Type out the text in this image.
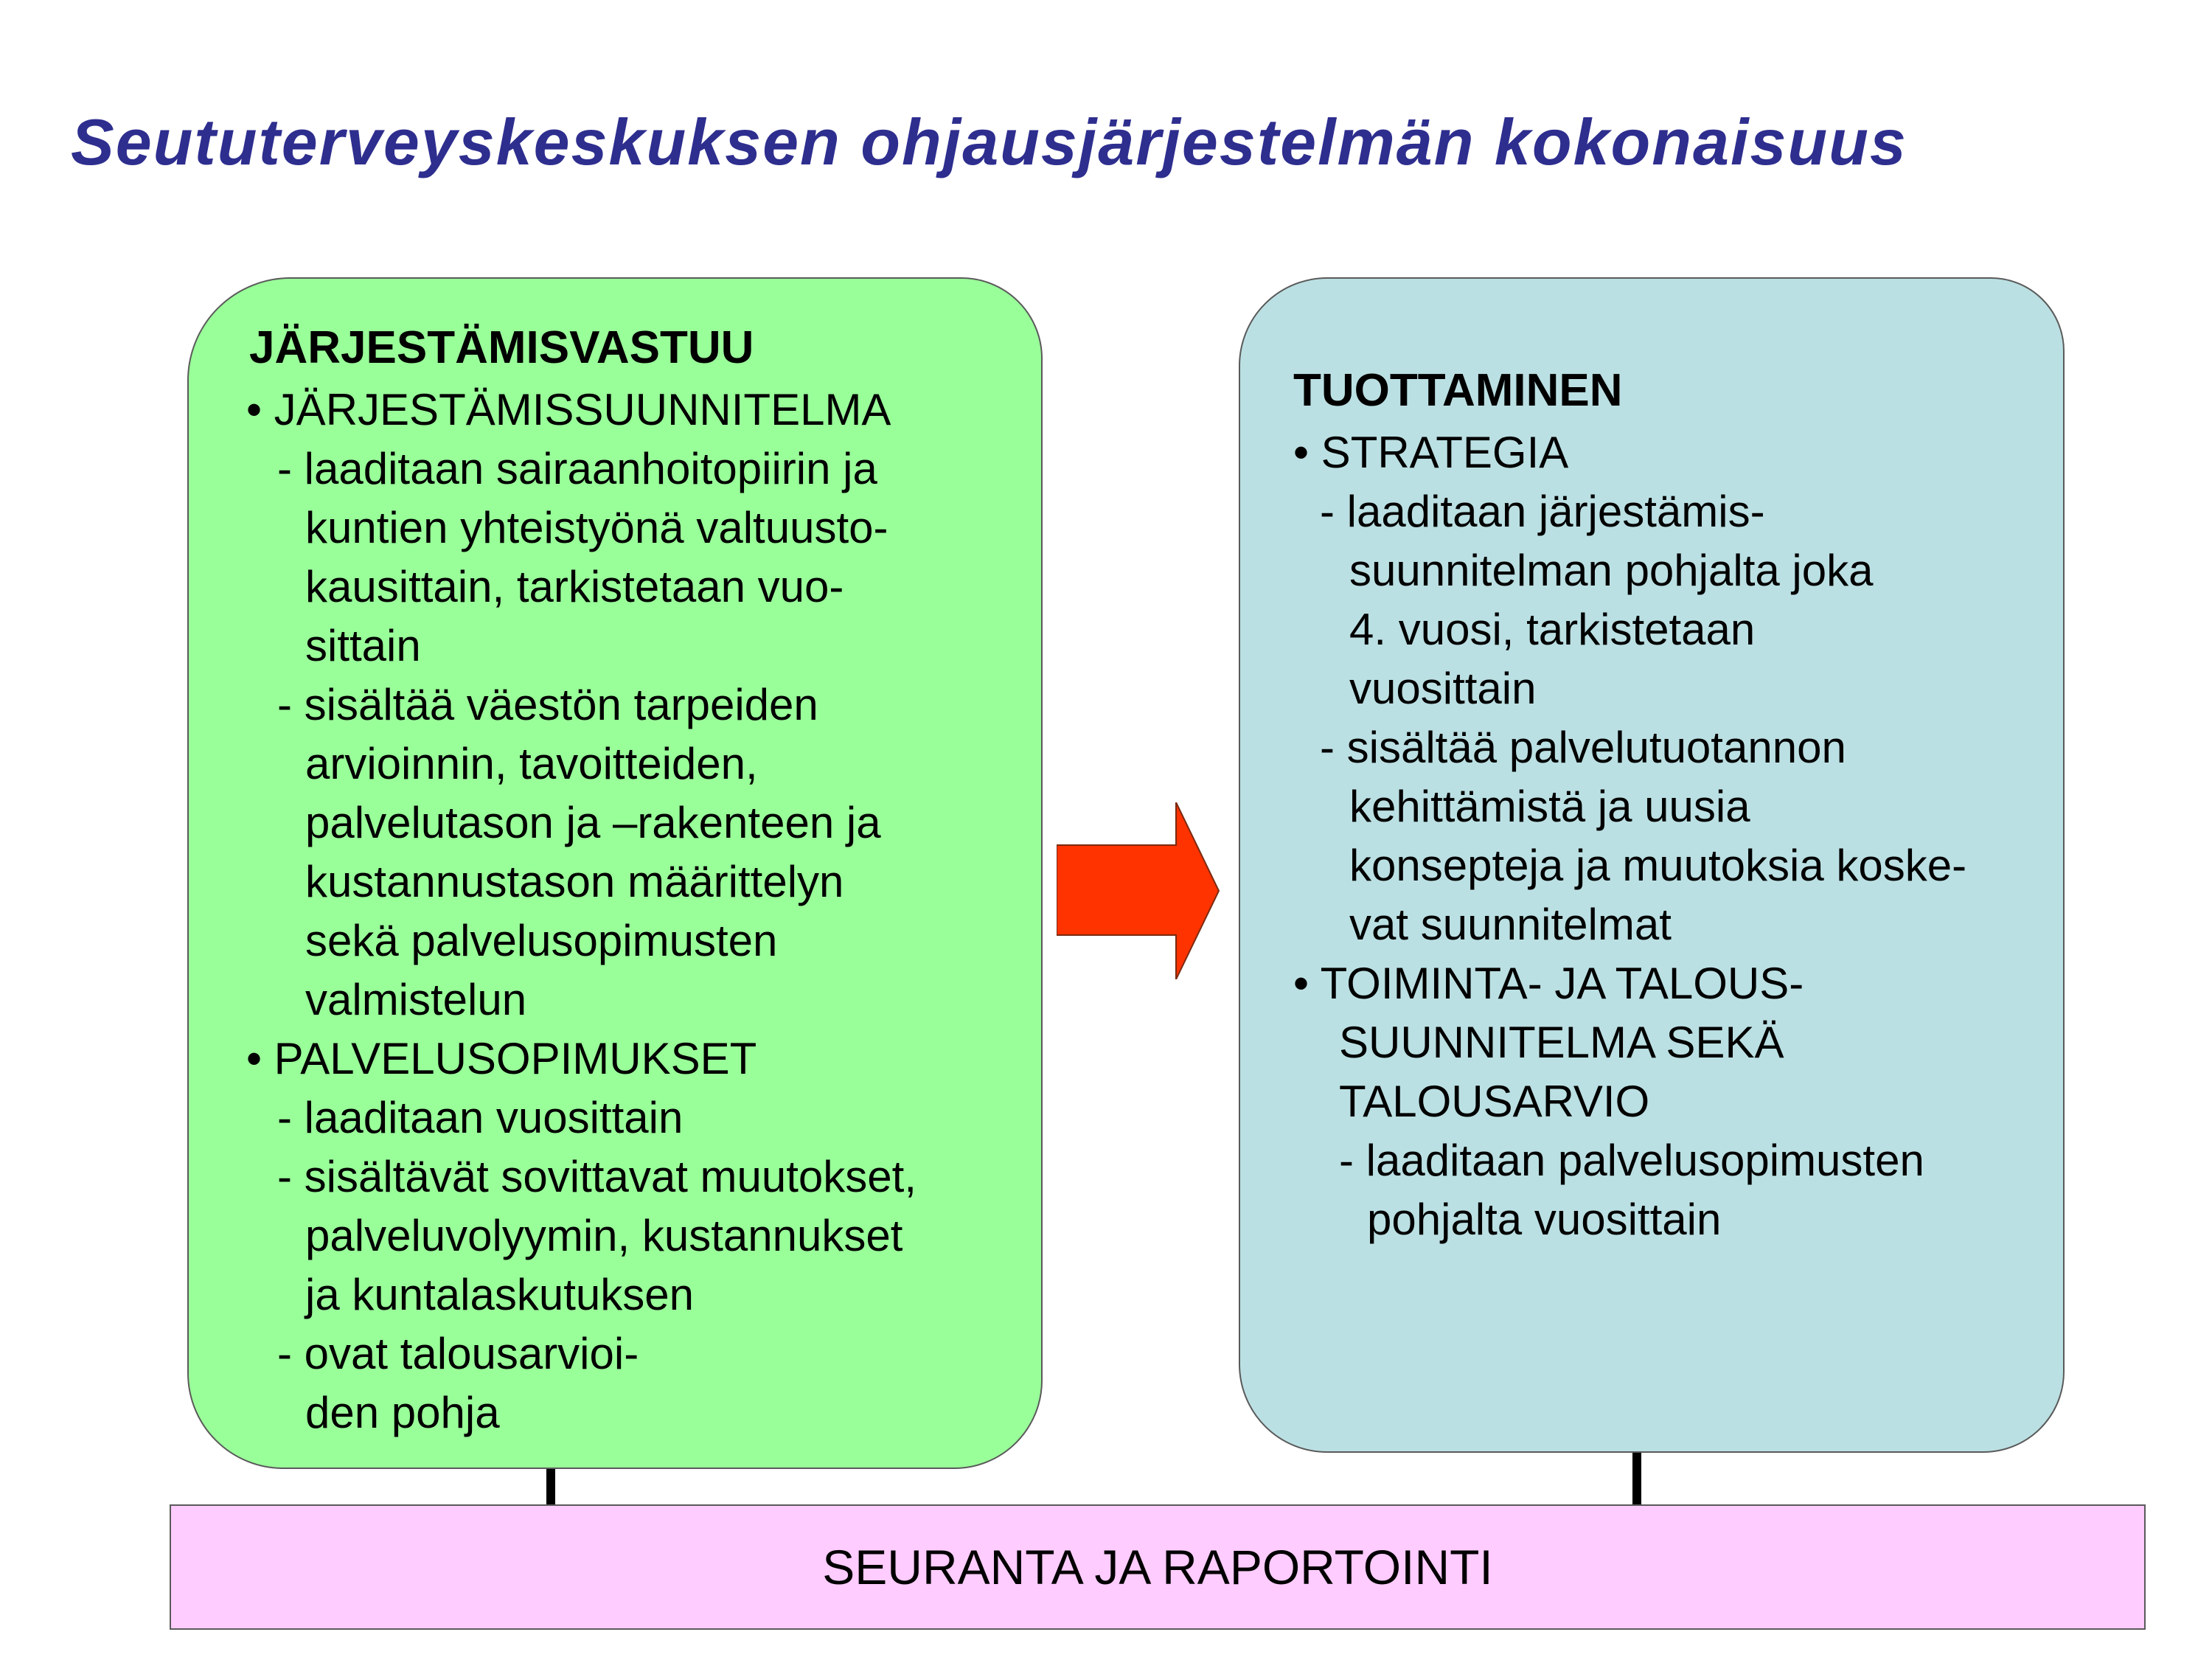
Seututerveyskeskuksen ohjausjärjestelmän kokonaisuus
JÄRJESTÄMISVASTUU
• JÄRJESTÄMISSUUNNITELMA
- laaditaan sairaanhoitopiirin ja
kuntien yhteistyönä valtuusto-
kausittain, tarkistetaan vuo-
sittain
- sisältää väestön tarpeiden
arvioinnin, tavoitteiden,
palvelutason ja –rakenteen ja
kustannustason määrittelyn
sekä palvelusopimusten
valmistelun
• PALVELUSOPIMUKSET
- laaditaan vuosittain
- sisältävät sovittavat muutokset,
palveluvolyymin, kustannukset
ja kuntalaskutuksen
- ovat talousarvioi-
den pohja
TUOTTAMINEN
• STRATEGIA
- laaditaan järjestämis-
suunnitelman pohjalta joka
4. vuosi, tarkistetaan
vuosittain
- sisältää palvelutuotannon
kehittämistä ja uusia
konsepteja ja muutoksia koske-
vat suunnitelmat
• TOIMINTA- JA TALOUS-
SUUNNITELMA SEKÄ
TALOUSARVIO
- laaditaan palvelusopimusten
pohjalta vuosittain
SEURANTA JA RAPORTOINTI
